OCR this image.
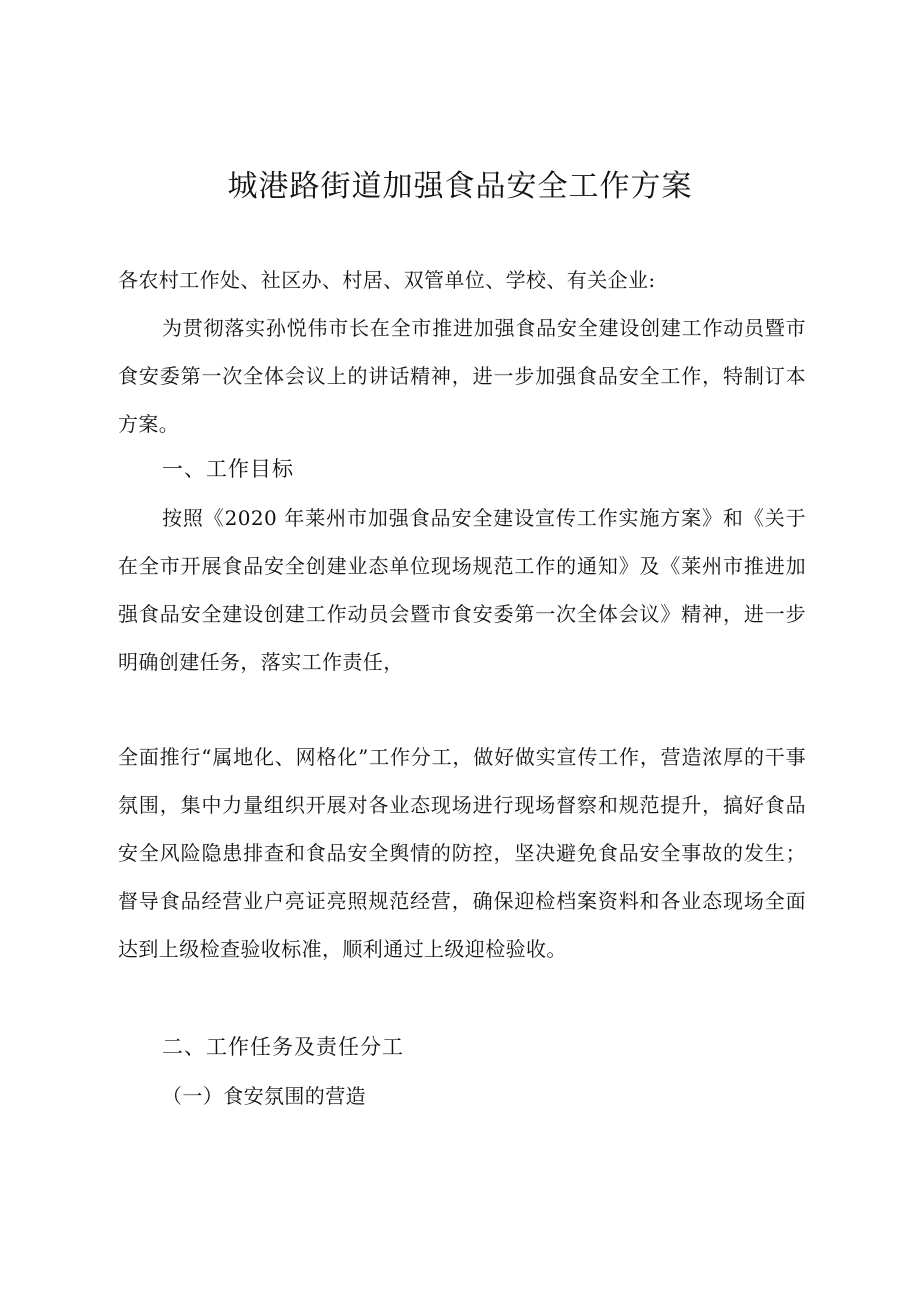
城港路街道加强食品安全工作方案
各农村工作处、社区办、村居、双管单位、学校、有关企业:
为贯彻落实孙悦伟市长在全市推进加强食品安全建设创建工作动员暨市食安委第一次全体会议上的讲话精神，进一步加强食品安全工作，特制订本方案。
一、工作目标
按照《2020 年莱州市加强食品安全建设宣传工作实施方案》和《关于在全市开展食品安全创建业态单位现场规范工作的通知》及《莱州市推进加强食品安全建设创建工作动员会暨市食安委第一次全体会议》精神，进一步明确创建任务，落实工作责任，
全面推行“属地化、网格化”工作分工，做好做实宣传工作，营造浓厚的干事氛围，集中力量组织开展对各业态现场进行现场督察和规范提升，搞好食品安全风险隐患排查和食品安全舆情的防控，坚决避免食品安全事故的发生；督导食品经营业户亮证亮照规范经营，确保迎检档案资料和各业态现场全面达到上级检查验收标准，顺利通过上级迎检验收。
二、工作任务及责任分工
（一）食安氛围的营造
